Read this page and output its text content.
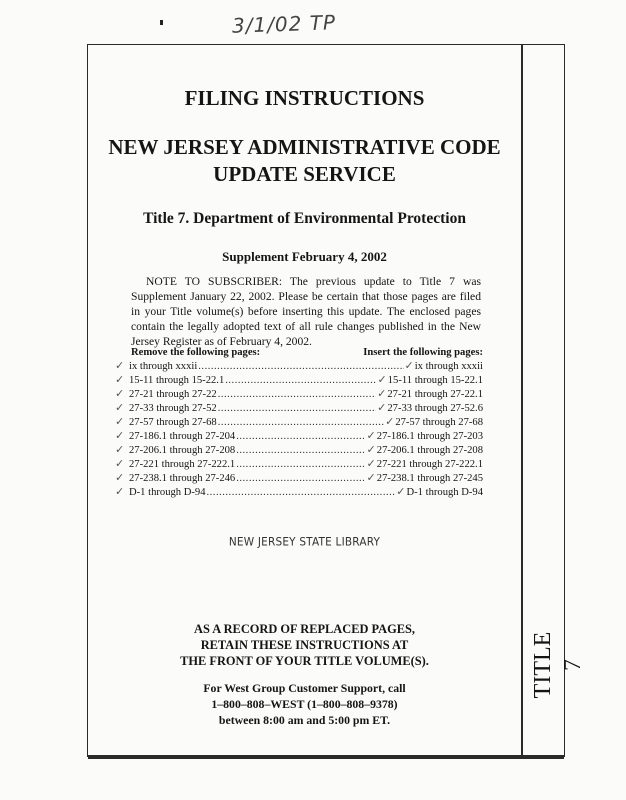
3/1/02 TP
TITLE 7
FILING INSTRUCTIONS
NEW JERSEY ADMINISTRATIVE CODE
UPDATE SERVICE
Title 7. Department of Environmental Protection
Supplement February 4, 2002
NOTE TO SUBSCRIBER: The previous update to Title 7 was Supplement January 22, 2002. Please be certain that those pages are filed in your Title volume(s) before inserting this update. The enclosed pages contain the legally adopted text of all rule changes published in the New Jersey Register as of February 4, 2002.
Remove the following pages:	Insert the following pages:
✓ ix through xxxii .....	✓ ix through xxxii
✓ 15-11 through 15-22.1 .....	✓ 15-11 through 15-22.1
✓ 27-21 through 27-22 .....	✓ 27-21 through 27-22.1
✓ 27-33 through 27-52 .....	✓ 27-33 through 27-52.6
✓ 27-57 through 27-68 .....	✓ 27-57 through 27-68
✓ 27-186.1 through 27-204 .....	✓ 27-186.1 through 27-203
✓ 27-206.1 through 27-208 .....	✓ 27-206.1 through 27-208
✓ 27-221 through 27-222.1 .....	✓ 27-221 through 27-222.1
✓ 27-238.1 through 27-246 .....	✓ 27-238.1 through 27-245
✓ D-1 through D-94 .....	✓ D-1 through D-94
NEW JERSEY STATE LIBRARY
AS A RECORD OF REPLACED PAGES,
RETAIN THESE INSTRUCTIONS AT
THE FRONT OF YOUR TITLE VOLUME(S).
For West Group Customer Support, call
1–800–808–WEST (1–800–808–9378)
between 8:00 am and 5:00 pm ET.
